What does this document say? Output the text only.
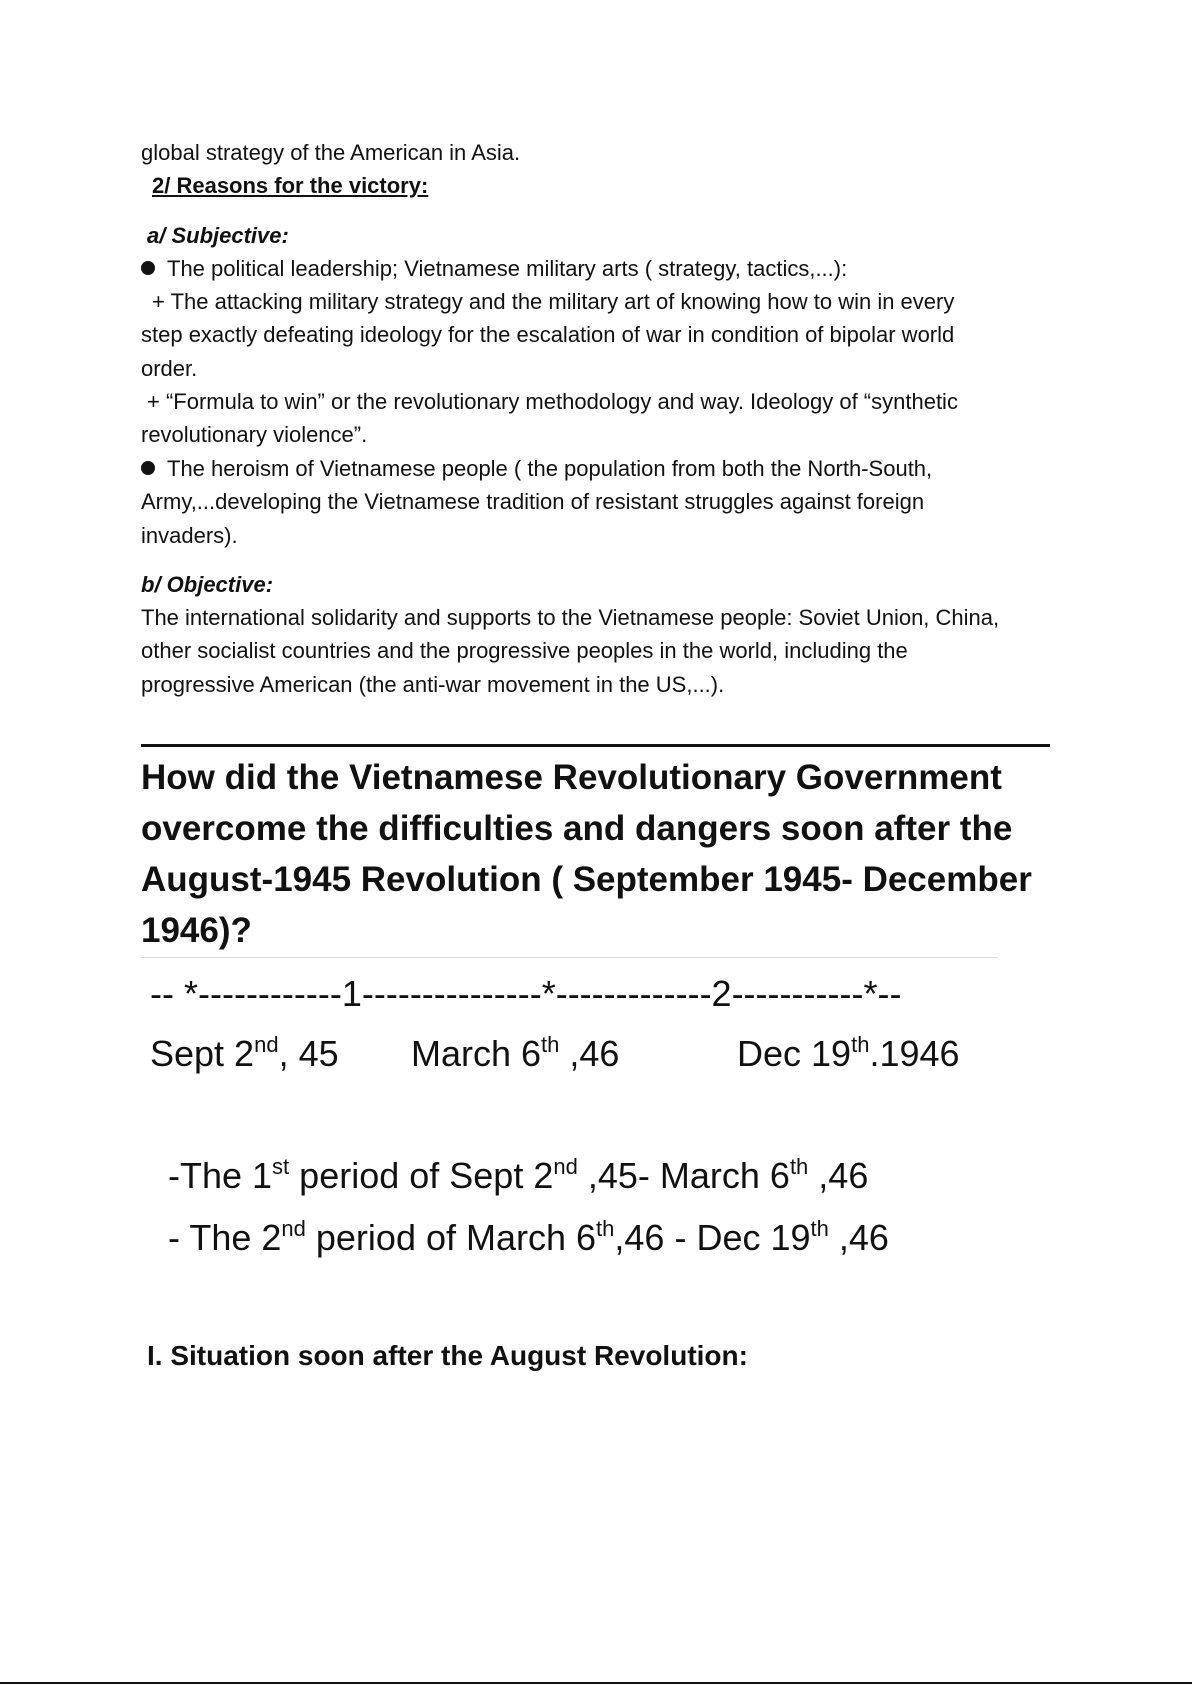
global strategy of the American in Asia.
2/ Reasons for the victory:
a/ Subjective:
The political leadership; Vietnamese military arts ( strategy, tactics,...):
+ The attacking military strategy and the military art of knowing how to win in every
step exactly defeating ideology for the escalation of war in condition of bipolar world
order.
+ “Formula to win” or the revolutionary methodology and way. Ideology of “synthetic
revolutionary violence”.
The heroism of Vietnamese people ( the population from both the North-South,
Army,...developing the Vietnamese tradition of resistant struggles against foreign
invaders).
b/ Objective:
The international solidarity and supports to the Vietnamese people: Soviet Union, China,
other socialist countries and the progressive peoples in the world, including the
progressive American (the anti-war movement in the US,...).
How did the Vietnamese Revolutionary Government
overcome the difficulties and dangers soon after the
August-1945 Revolution ( September 1945- December
1946)?
-- *------------1---------------*-------------2-----------*--
Sept 2nd, 45 March 6th ,46	Dec 19th.1946
-The 1st period of Sept 2nd ,45- March 6th ,46
- The 2nd period of March 6th,46 - Dec 19th ,46
I. Situation soon after the August Revolution:
